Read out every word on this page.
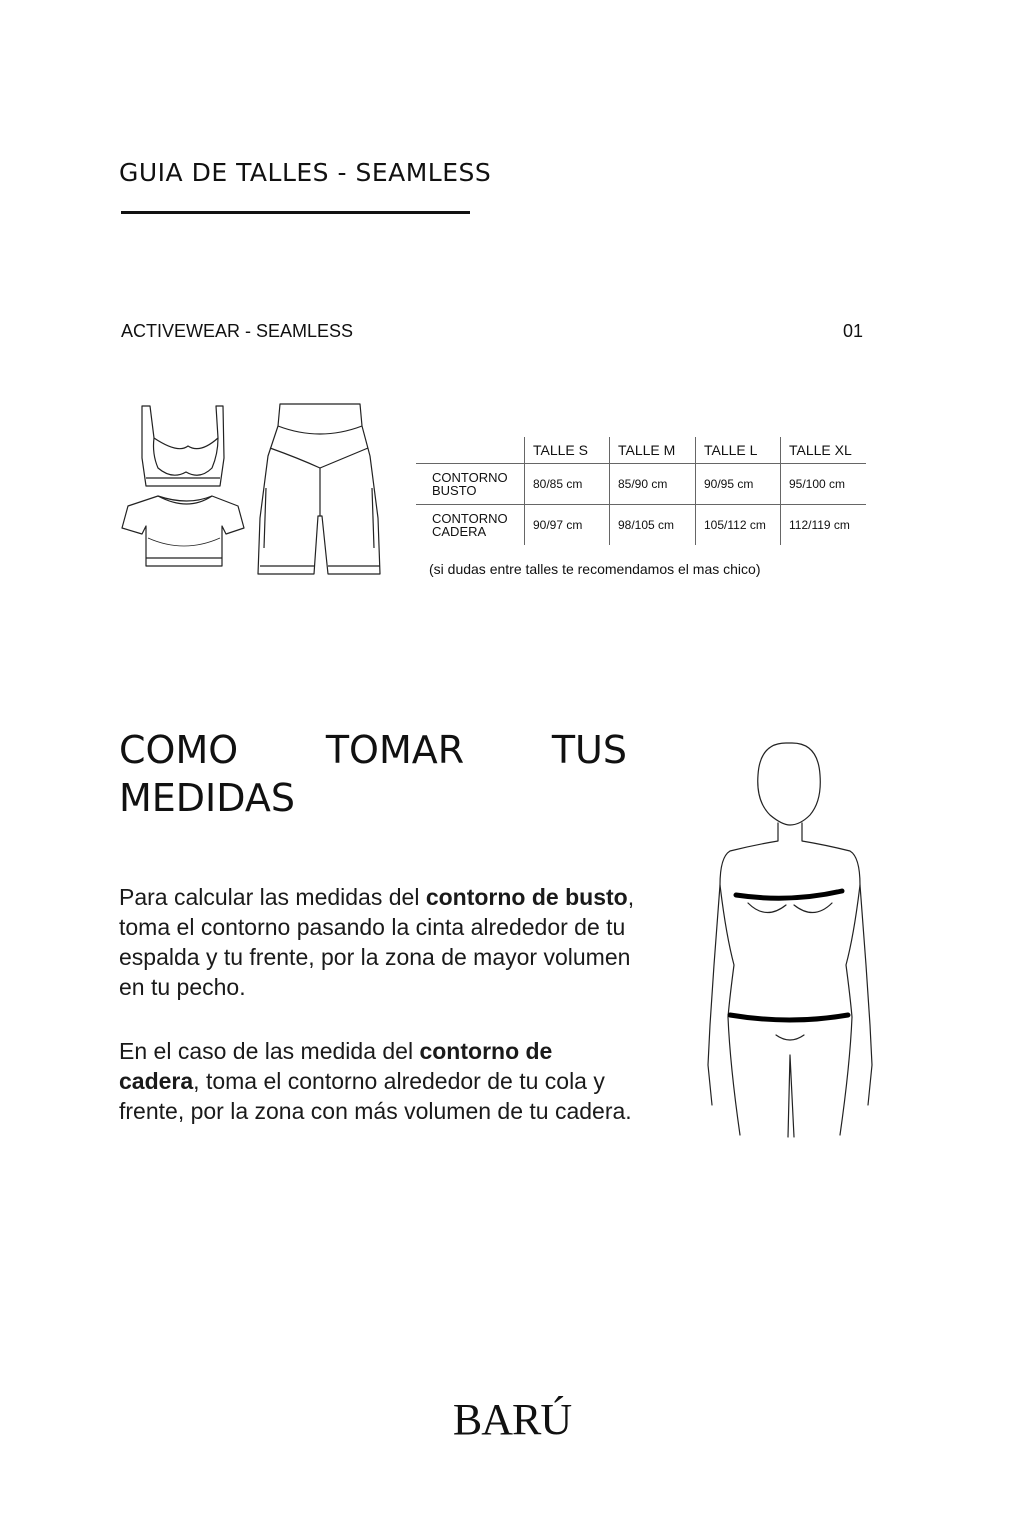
GUIA DE TALLES - SEAMLESS
ACTIVEWEAR - SEAMLESS	01
	TALLE S	TALLE M	TALLE L	TALLE XL
CONTORNO
BUSTO	80/85 cm	85/90 cm	90/95 cm	95/100 cm
CONTORNO
CADERA	90/97 cm	98/105 cm	105/112 cm	112/119 cm
(si dudas entre talles te recomendamos el mas chico)
COMO TOMAR TUS
MEDIDAS
Para calcular las medidas del contorno de busto, toma el contorno pasando la cinta alrededor de tu espalda y tu frente, por la zona de mayor volumen en tu pecho.
En el caso de las medida del contorno de cadera, toma el contorno alrededor de tu cola y frente, por la zona con más volumen de tu cadera.
BARÚ
